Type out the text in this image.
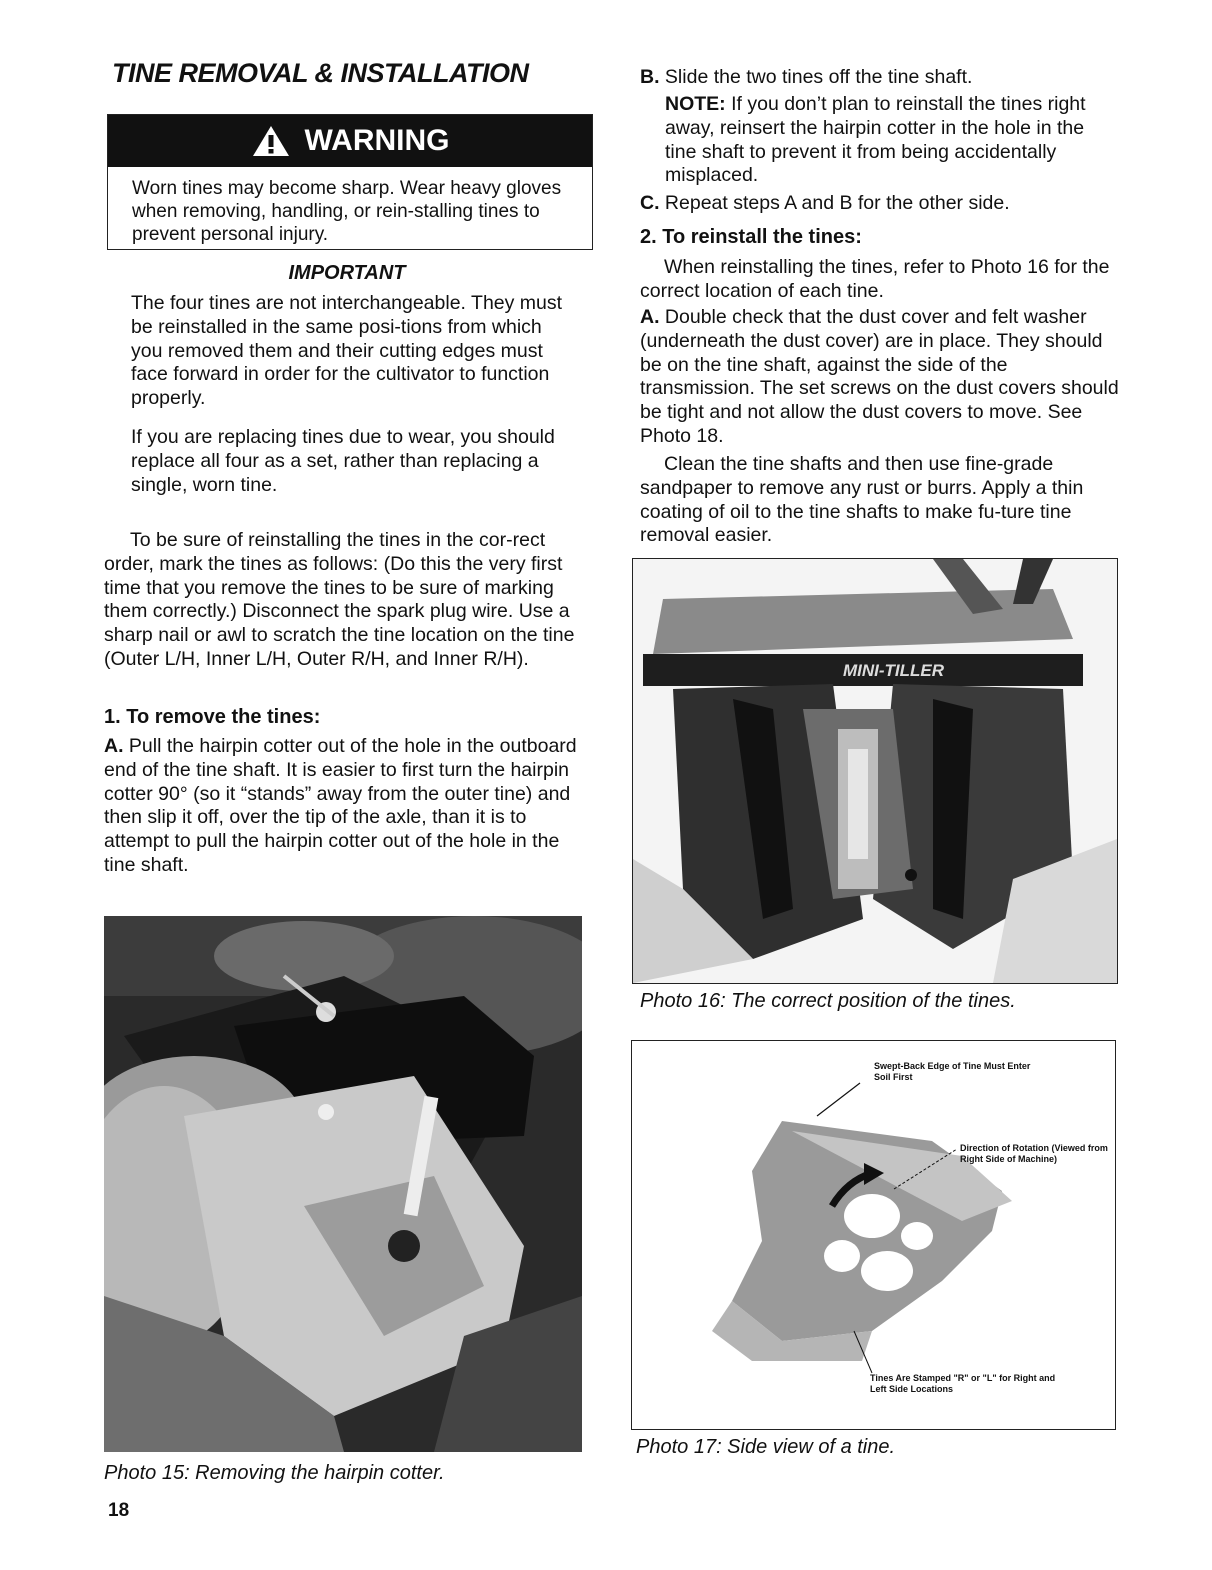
TINE REMOVAL & INSTALLATION
WARNING
Worn tines may become sharp. Wear heavy gloves when removing, handling, or rein-stalling tines to prevent personal injury.
IMPORTANT

The four tines are not interchangeable. They must be reinstalled in the same posi-tions from which you removed them and their cutting edges must face forward in order for the cultivator to function properly.

If you are replacing tines due to wear, you should replace all four as a set, rather than replacing a single, worn tine.

To be sure of reinstalling the tines in the cor-rect order, mark the tines as follows: (Do this the very first time that you remove the tines to be sure of marking them correctly.) Disconnect the spark plug wire. Use a sharp nail or awl to scratch the tine location on the tine (Outer L/H, Inner L/H, Outer R/H, and Inner R/H).

1. To remove the tines:

A. Pull the hairpin cotter out of the hole in the outboard end of the tine shaft. It is easier to first turn the hairpin cotter 90° (so it “stands” away from the outer tine) and then slip it off, over the tip of the axle, than it is to attempt to pull the hairpin cotter out of the hole in the tine shaft.

Photo 15: Removing the hairpin cotter.
18

B. Slide the two tines off the tine shaft.

NOTE: If you don’t plan to reinstall the tines right away, reinsert the hairpin cotter in the hole in the tine shaft to prevent it from being accidentally misplaced.

C. Repeat steps A and B for the other side.

2. To reinstall the tines:

When reinstalling the tines, refer to Photo 16 for the correct location of each tine.

A. Double check that the dust cover and felt washer (underneath the dust cover) are in place. They should be on the tine shaft, against the side of the transmission. The set screws on the dust covers should be tight and not allow the dust covers to move. See Photo 18.

Clean the tine shafts and then use fine-grade sandpaper to remove any rust or burrs. Apply a thin coating of oil to the tine shafts to make fu-ture tine removal easier.

MINI-TILLER
Photo 16: The correct position of the tines.
Swept-Back Edge of Tine Must Enter Soil First
Direction of Rotation (Viewed from Right Side of Machine)
Tines Are Stamped "R" or "L" for Right and Left Side Locations
Photo 17: Side view of a tine.
